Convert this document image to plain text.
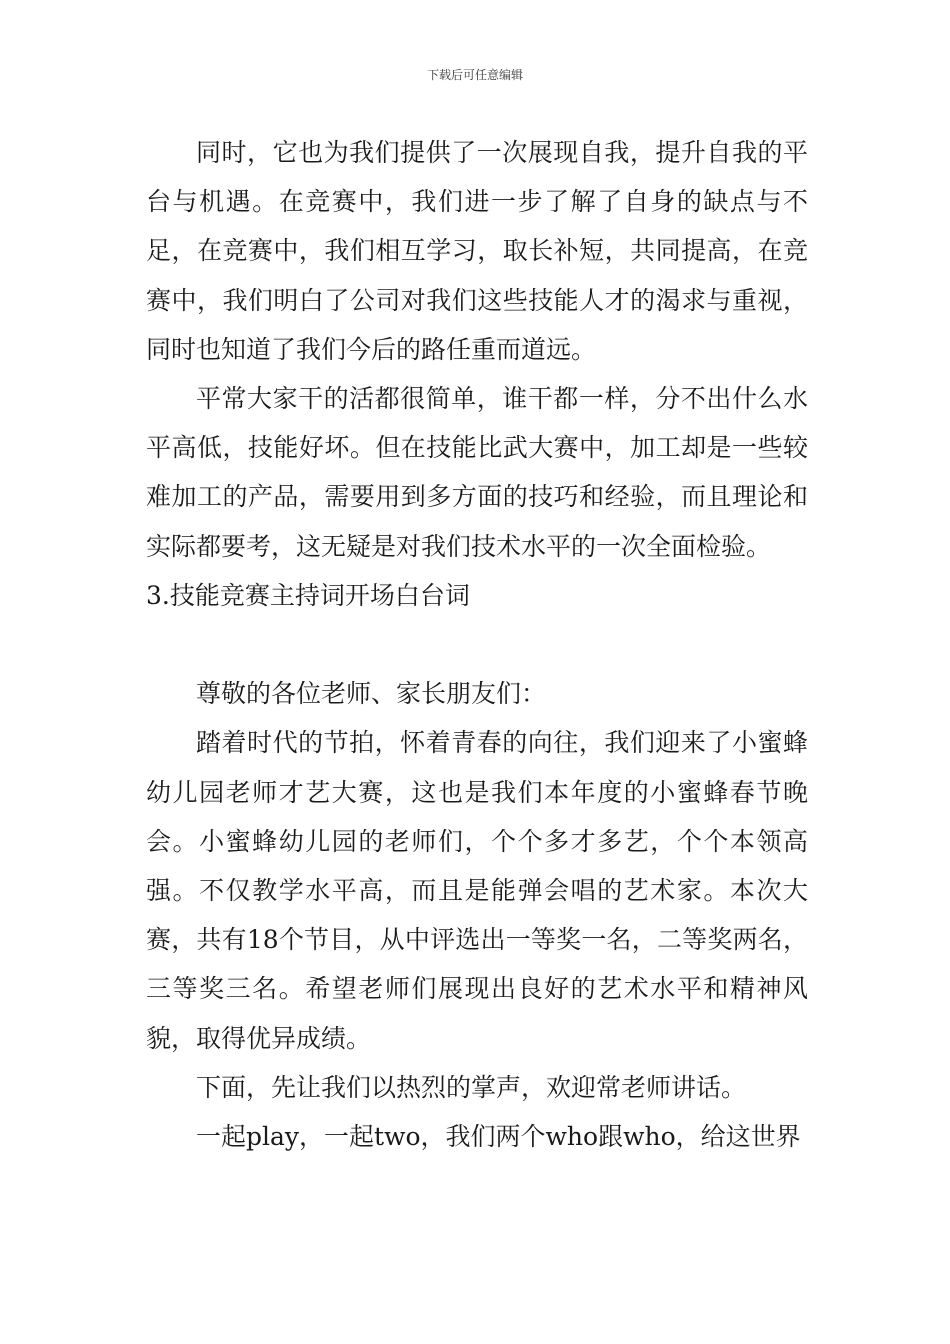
下载后可任意编辑

同时，它也为我们提供了一次展现自我，提升自我的平台与机遇。在竞赛中，我们进一步了解了自身的缺点与不足，在竞赛中，我们相互学习，取长补短，共同提高，在竞赛中，我们明白了公司对我们这些技能人才的渴求与重视，同时也知道了我们今后的路任重而道远。

平常大家干的活都很简单，谁干都一样，分不出什么水平高低，技能好坏。但在技能比武大赛中，加工却是一些较难加工的产品，需要用到多方面的技巧和经验，而且理论和实际都要考，这无疑是对我们技术水平的一次全面检验。

3.技能竞赛主持词开场白台词

尊敬的各位老师、家长朋友们：

踏着时代的节拍，怀着青春的向往，我们迎来了小蜜蜂幼儿园老师才艺大赛，这也是我们本年度的小蜜蜂春节晚会。小蜜蜂幼儿园的老师们，个个多才多艺，个个本领高强。不仅教学水平高，而且是能弹会唱的艺术家。本次大赛，共有18个节目，从中评选出一等奖一名，二等奖两名，三等奖三名。希望老师们展现出良好的艺术水平和精神风貌，取得优异成绩。

下面，先让我们以热烈的掌声，欢迎常老师讲话。

一起play，一起two，我们两个who跟who，给这世界
